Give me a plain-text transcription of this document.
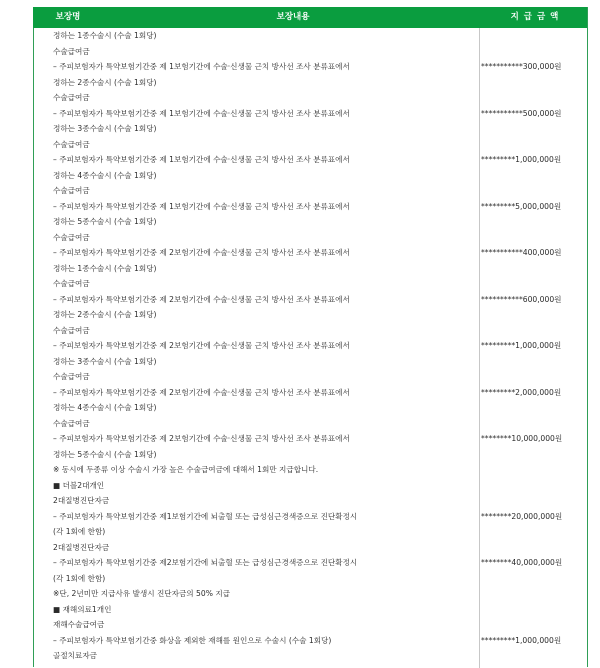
보장명	보장내용	지 급 금 액
정하는 1종수술시 (수술 1회당)
수술급여금
– 주피보험자가 특약보험기간중 제 1보험기간에 수술·신생물 근치 방사선 조사 분류표에서
정하는 2종수술시 (수술 1회당)
수술급여금
– 주피보험자가 특약보험기간중 제 1보험기간에 수술·신생물 근치 방사선 조사 분류표에서
정하는 3종수술시 (수술 1회당)
수술급여금
– 주피보험자가 특약보험기간중 제 1보험기간에 수술·신생물 근치 방사선 조사 분류표에서
정하는 4종수술시 (수술 1회당)
수술급여금
– 주피보험자가 특약보험기간중 제 1보험기간에 수술·신생물 근치 방사선 조사 분류표에서
정하는 5종수술시 (수술 1회당)
수술급여금
– 주피보험자가 특약보험기간중 제 2보험기간에 수술·신생물 근치 방사선 조사 분류표에서
정하는 1종수술시 (수술 1회당)
수술급여금
– 주피보험자가 특약보험기간중 제 2보험기간에 수술·신생물 근치 방사선 조사 분류표에서
정하는 2종수술시 (수술 1회당)
수술급여금
– 주피보험자가 특약보험기간중 제 2보험기간에 수술·신생물 근치 방사선 조사 분류표에서
정하는 3종수술시 (수술 1회당)
수술급여금
– 주피보험자가 특약보험기간중 제 2보험기간에 수술·신생물 근치 방사선 조사 분류표에서
정하는 4종수술시 (수술 1회당)
수술급여금
– 주피보험자가 특약보험기간중 제 2보험기간에 수술·신생물 근치 방사선 조사 분류표에서
정하는 5종수술시 (수술 1회당)
※ 동시에 두종류 이상 수술시 가장 높은 수술급여금에 대해서 1회만 지급합니다.
■ 더블2대개인
2대질병진단자금
– 주피보험자가 특약보험기간중 제1보험기간에 뇌출혈 또는 급성심근경색증으로 진단확정시
(각 1회에 한함)
2대질병진단자금
– 주피보험자가 특약보험기간중 제2보험기간에 뇌출혈 또는 급성심근경색증으로 진단확정시
(각 1회에 한함)
※단, 2년미만 지급사유 발생시 진단자금의 50% 지급
■ 재해의료1개인
재해수술급여금
– 주피보험자가 특약보험기간중 화상을 제외한 재해를 원인으로 수술시 (수술 1회당)
골절치료자금
***********300,000원
***********500,000원
*********1,000,000원
*********5,000,000원
***********400,000원
***********600,000원
*********1,000,000원
*********2,000,000원
********10,000,000원
********20,000,000원
********40,000,000원
*********1,000,000원
